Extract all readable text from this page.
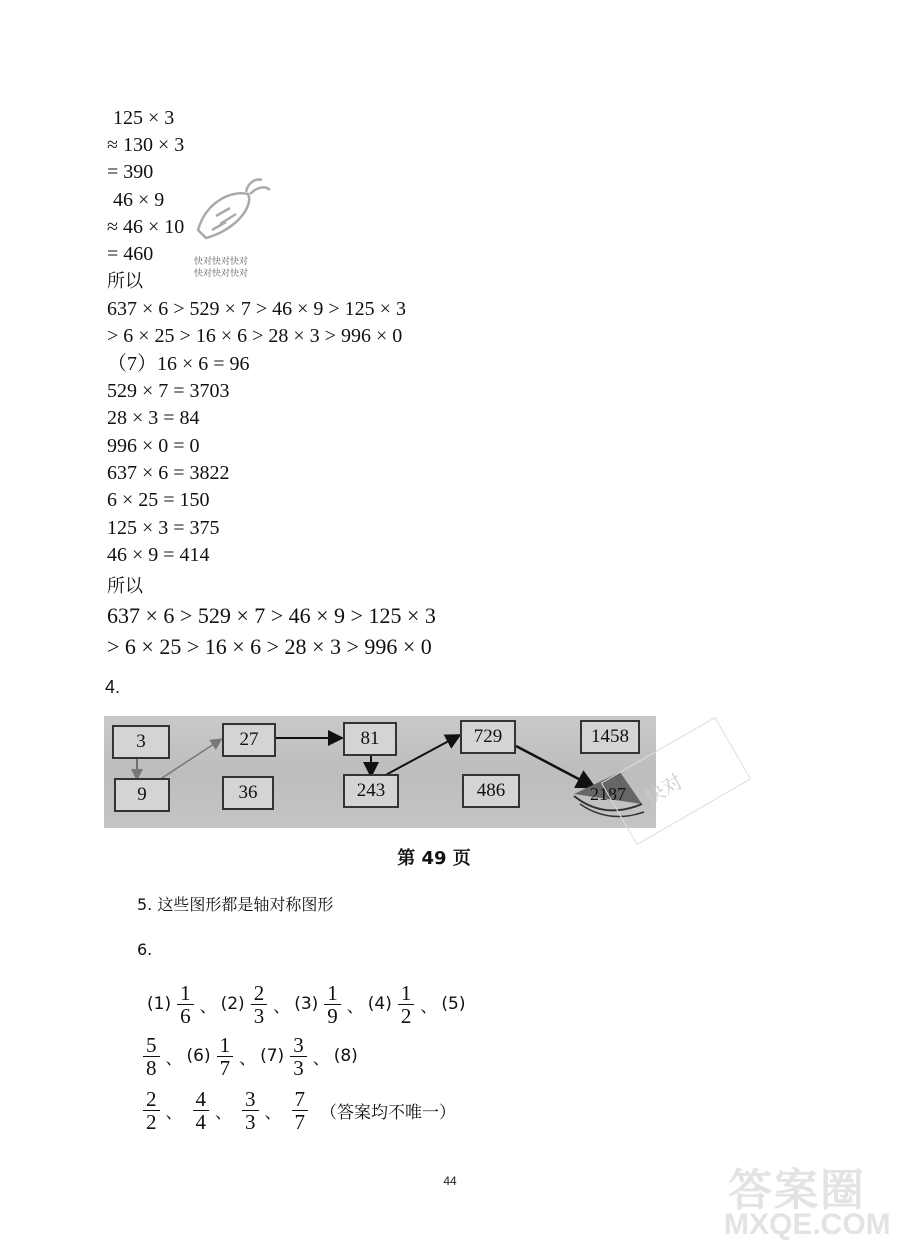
125 × 3
≈ 130 × 3
= 390
46 × 9
≈ 46 × 10
= 460
所以
637 × 6 > 529 × 7 > 46 × 9 > 125 × 3
> 6 × 25 > 16 × 6 > 28 × 3 > 996 × 0
（7）16 × 6 = 96
529 × 7 = 3703
28 × 3 = 84
996 × 0 = 0
637 × 6 = 3822
6 × 25 = 150
125 × 3 = 375
46 × 9 = 414
所以
637 × 6 > 529 × 7 > 46 × 9 > 125 × 3
> 6 × 25 > 16 × 6 > 28 × 3 > 996 × 0
快对快对快对
快对快对快对
4.
3
9
27
36
81
243
729
486
1458
2187 快对
第 49 页
5. 这些图形都是轴对称图形
6.
$(1) \frac{1}{6}$ 、 $(2) \frac{2}{3}$ 、 $(3) \frac{1}{9}$ 、 $(4) \frac{1}{2}$ 、 (5)
$\frac{5}{8}$ 、 $(6) \frac{1}{7}$ 、 $(7) \frac{3}{3}$ 、 (8)
$\frac{2}{2}$ 、 $\frac{4}{4}$ 、 $\frac{3}{3}$ 、 $\frac{7}{7}$ （答案均不唯一）
44	答案圈
MXQE.COM
